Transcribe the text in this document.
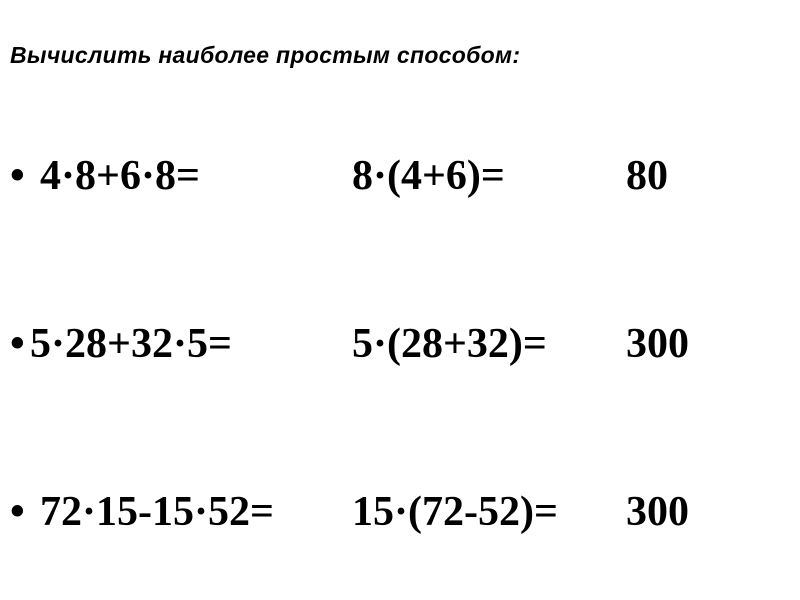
Вычислить наиболее простым способом:
• 4·8+6·8=	8·(4+6)=	80
• 5·28+32·5=	5·(28+32)= 300
• 72·15-15·52= 15·(72-52)= 300
